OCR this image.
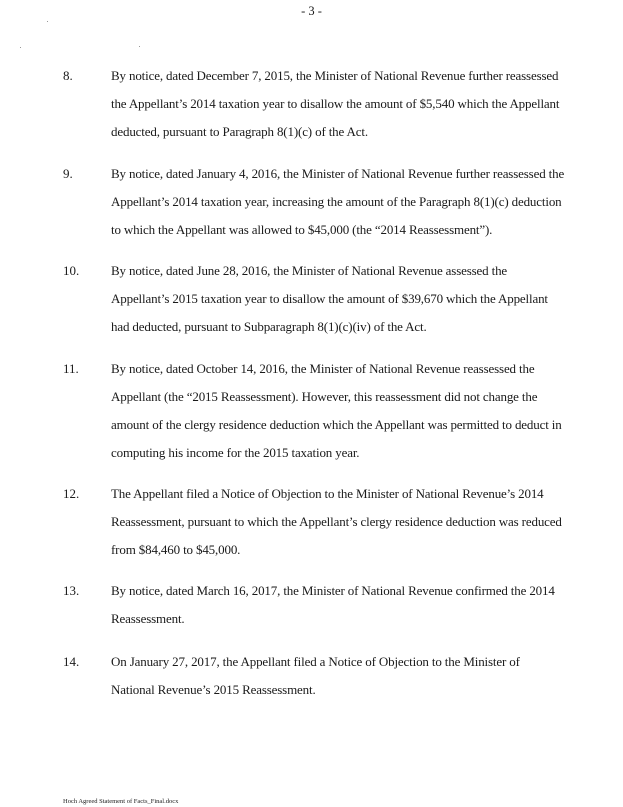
- 3 -
8.	By notice, dated December 7, 2015, the Minister of National Revenue further reassessed
the Appellant’s 2014 taxation year to disallow the amount of $5,540 which the Appellant
deducted, pursuant to Paragraph 8(1)(c) of the Act.
9.	By notice, dated January 4, 2016, the Minister of National Revenue further reassessed the
Appellant’s 2014 taxation year, increasing the amount of the Paragraph 8(1)(c) deduction
to which the Appellant was allowed to $45,000 (the “2014 Reassessment”).
10. By notice, dated June 28, 2016, the Minister of National Revenue assessed the
Appellant’s 2015 taxation year to disallow the amount of $39,670 which the Appellant
had deducted, pursuant to Subparagraph 8(1)(c)(iv) of the Act.
11. By notice, dated October 14, 2016, the Minister of National Revenue reassessed the
Appellant (the “2015 Reassessment). However, this reassessment did not change the
amount of the clergy residence deduction which the Appellant was permitted to deduct in
computing his income for the 2015 taxation year.
12. The Appellant filed a Notice of Objection to the Minister of National Revenue’s 2014
Reassessment, pursuant to which the Appellant’s clergy residence deduction was reduced
from $84,460 to $45,000.
13. By notice, dated March 16, 2017, the Minister of National Revenue confirmed the 2014
Reassessment.
14. On January 27, 2017, the Appellant filed a Notice of Objection to the Minister of
National Revenue’s 2015 Reassessment.
Hoch Agreed Statement of Facts_Final.docx
